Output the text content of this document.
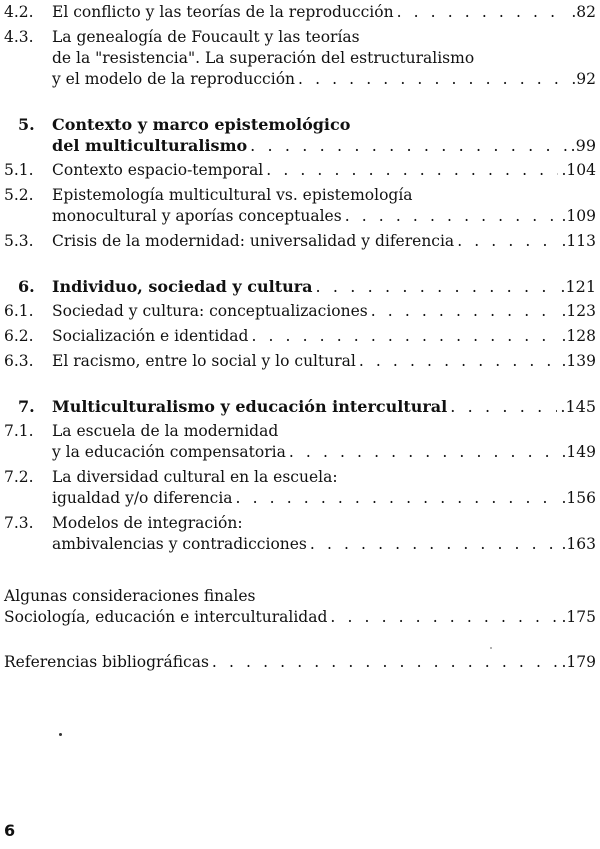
4.2.	El conflicto y las teorías de la reproducción . . .	.82
4.3.	La genealogía de Foucault y las teorías
de la "resistencia". La superación del estructuralismo
y el modelo de la reproducción . . .	.92
5.	Contexto y marco epistemológico
del multiculturalismo . . .	.99
5.1.	Contexto espacio-temporal . . .	.104
5.2.	Epistemología multicultural vs. epistemología
monocultural y aporías conceptuales . . .	.109
5.3.	Crisis de la modernidad: universalidad y diferencia . . .	.113
6.	Individuo, sociedad y cultura . . .	.121
6.1.	Sociedad y cultura: conceptualizaciones . . .	.123
6.2.	Socialización e identidad . . .	.128
6.3.	El racismo, entre lo social y lo cultural . . .	.139
7.	Multiculturalismo y educación intercultural . . .	.145
7.1.	La escuela de la modernidad
y la educación compensatoria . . .	.149
7.2.	La diversidad cultural en la escuela:
igualdad y/o diferencia . . .	.156
7.3.	Modelos de integración:
ambivalencias y contradicciones . . .	.163
Algunas consideraciones finales
Sociología, educación e interculturalidad . . .	.175
Referencias bibliográficas . . .	.179
6
